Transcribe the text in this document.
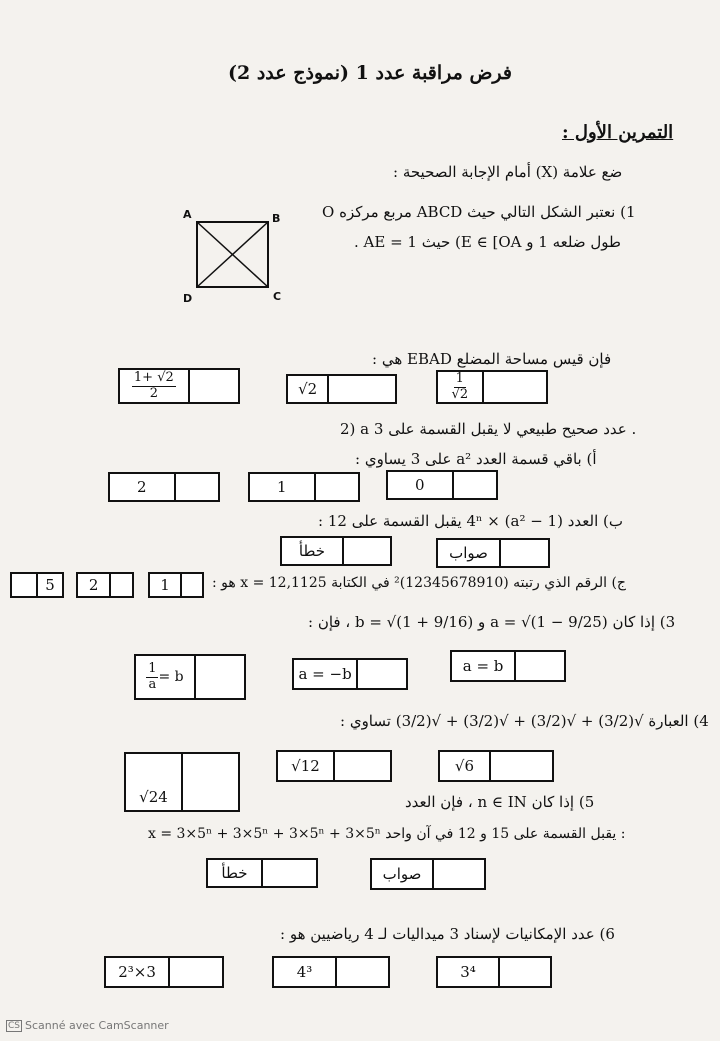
فرض مراقبة عدد 1 (نموذج عدد 2)
التمرين الأول :
ضع علامة (X) أمام الإجابة الصحيحة :
1) نعتبر الشكل التالي حيث ABCD مربع مركزه O
طول ضلعه 1 و E ∈ [OA) حيث AE = 1 .
A	B
C
D
فإن قيس مساحة المضلع EBAD هي :
$\frac{1+ √2}{2}$	√2	$\frac{1}{√2}$
2) a عدد صحيح طبيعي لا يقبل القسمة على 3 .
أ) باقي قسمة العدد a² على 3 يساوي :
2	1	0
ب) العدد (a² − 1) × 4ⁿ يقبل القسمة على 12 :
خطأ	صواب
ج) الرقم الذي رتبته (12345678910)² في الكتابة x = 12,1125 هو :
5	2	1
3) إذا كان a = √(1 − 9/25) و b = √(1 + 9/16) ، فإن :
$\frac{1}{a} = b$	a = −b	a = b
4) العبارة √(3/2) + √(3/2) + √(3/2) + √(3/2) تساوي :
√24
√12	√6
5) إذا كان n ∈ IN ، فإن العدد
x = 3×5ⁿ + 3×5ⁿ + 3×5ⁿ + 3×5ⁿ يقبل القسمة على 15 و 12 في آن واحد :
خطأ	صواب
6) عدد الإمكانيات لإسناد 3 ميداليات لـ 4 رياضيين هو :
2³×3	4³	3⁴
CS Scanné avec CamScanner
